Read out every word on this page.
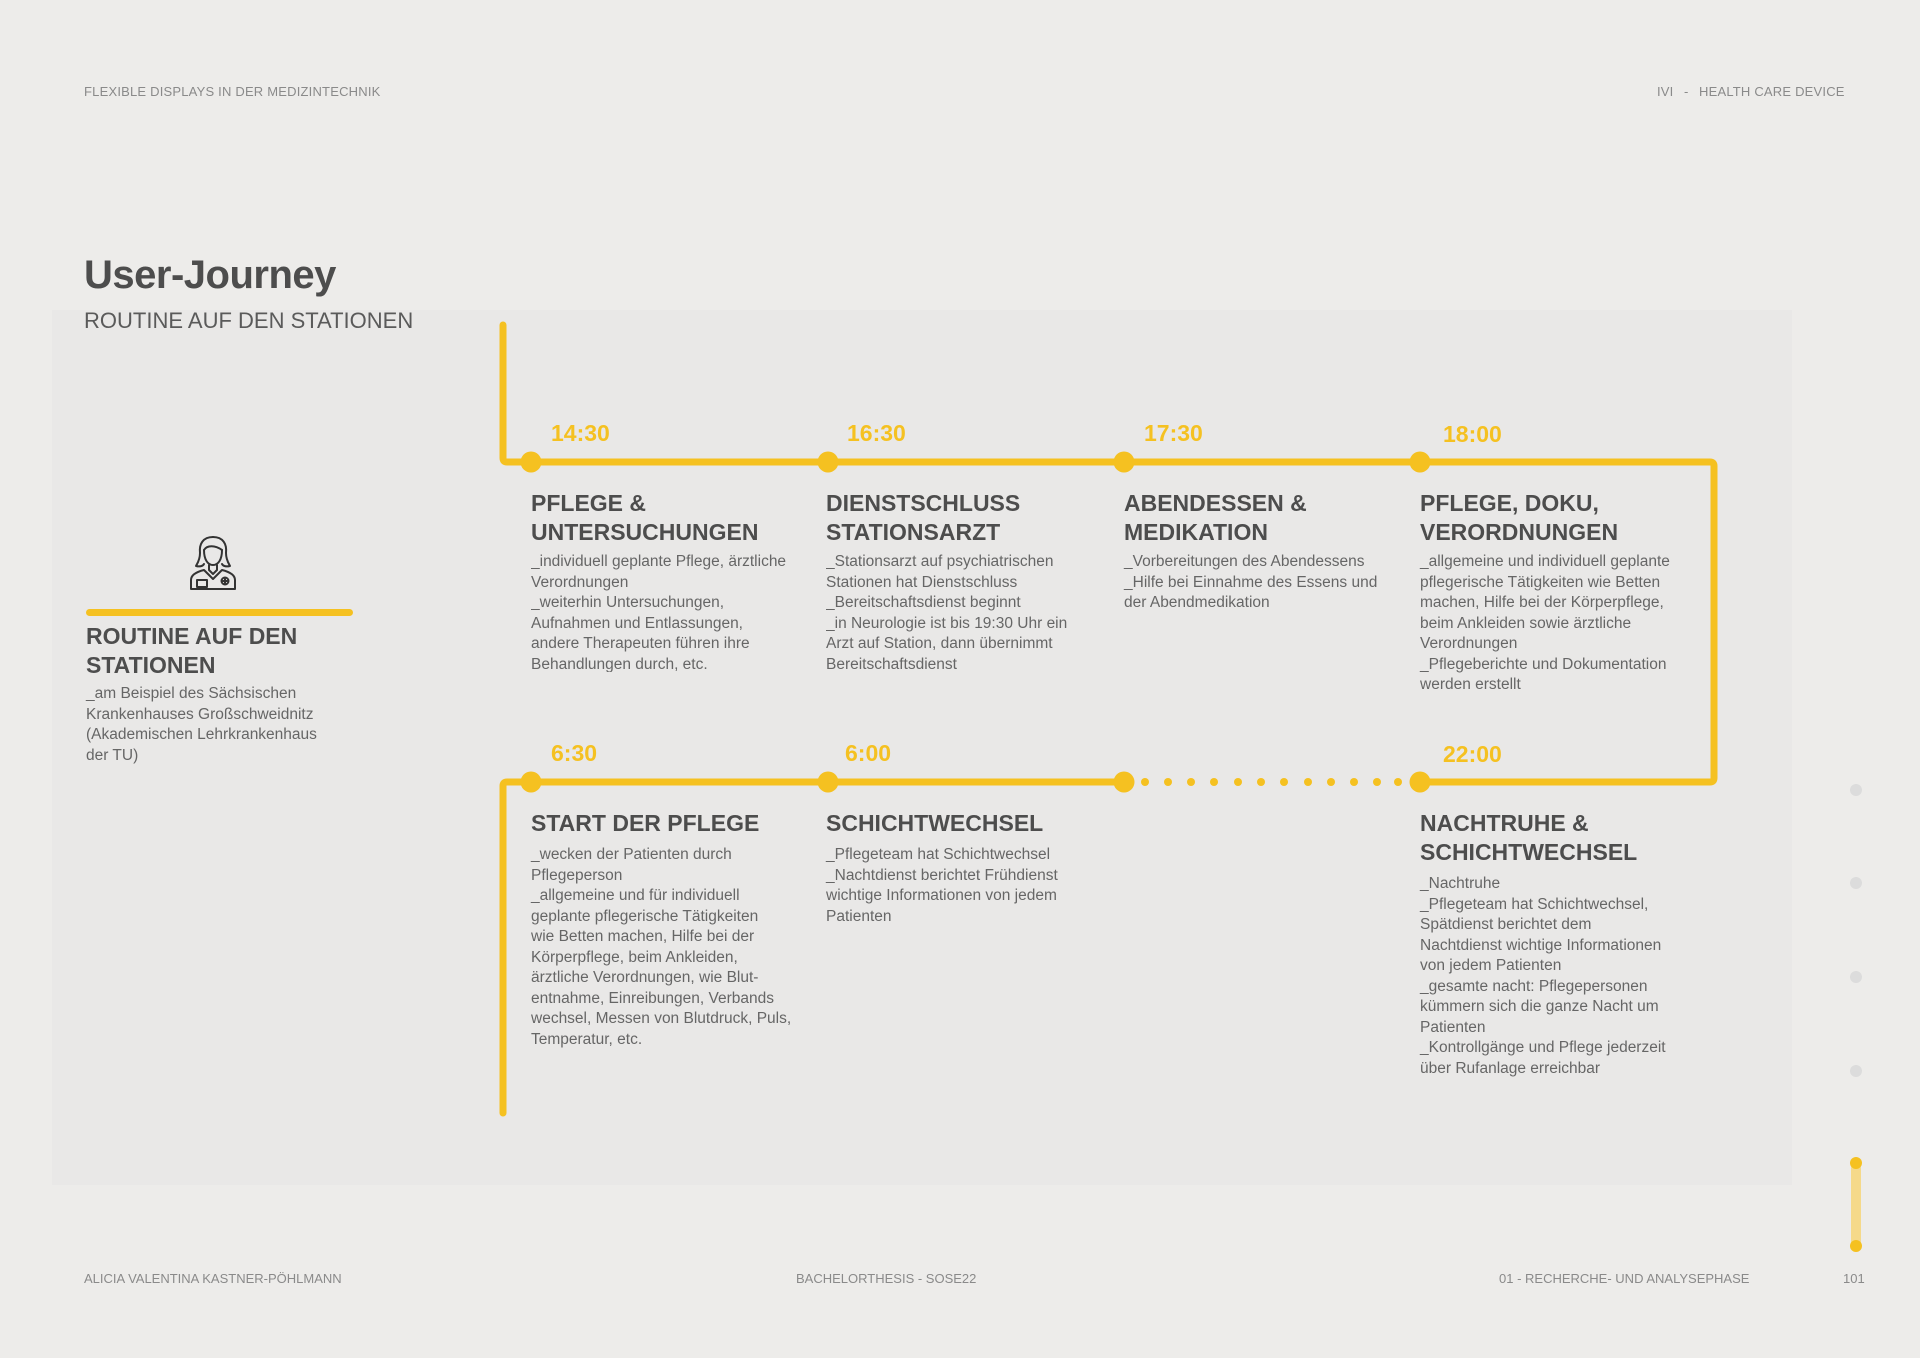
FLEXIBLE DISPLAYS IN DER MEDIZINTECHNIK	IVI - HEALTH CARE DEVICE
User-Journey
ROUTINE AUF DEN STATIONEN
ROUTINE AUF DEN STATIONEN
_am Beispiel des Sächsischen
Krankenhauses Großschweidnitz
(Akademischen Lehrkrankenhaus
der TU)
14:30
PFLEGE &
UNTERSUCHUNGEN
_individuell geplante Pflege, ärztliche
Verordnungen
_weiterhin Untersuchungen,
Aufnahmen und Entlassungen,
andere Therapeuten führen ihre
Behandlungen durch, etc.
16:30
DIENSTSCHLUSS
STATIONSARZT
_Stationsarzt auf psychiatrischen
Stationen hat Dienstschluss
_Bereitschaftsdienst beginnt
_in Neurologie ist bis 19:30 Uhr ein
Arzt auf Station, dann übernimmt
Bereitschaftsdienst
17:30
ABENDESSEN &
MEDIKATION
_Vorbereitungen des Abendessens
_Hilfe bei Einnahme des Essens und
der Abendmedikation
18:00
PFLEGE, DOKU,
VERORDNUNGEN
_allgemeine und individuell geplante
pflegerische Tätigkeiten wie Betten
machen, Hilfe bei der Körperpflege,
beim Ankleiden sowie ärztliche
Verordnungen
_Pflegeberichte und Dokumentation
werden erstellt
22:00
NACHTRUHE &
SCHICHTWECHSEL
_Nachtruhe
_Pflegeteam hat Schichtwechsel,
Spätdienst berichtet dem
Nachtdienst wichtige Informationen
von jedem Patienten
_gesamte nacht: Pflegepersonen
kümmern sich die ganze Nacht um
Patienten
_Kontrollgänge und Pflege jederzeit
über Rufanlage erreichbar
6:00
SCHICHTWECHSEL
_Pflegeteam hat Schichtwechsel
_Nachtdienst berichtet Frühdienst
wichtige Informationen von jedem
Patienten
6:30
START DER PFLEGE
_wecken der Patienten durch
Pflegeperson
_allgemeine und für individuell
geplante pflegerische Tätigkeiten
wie Betten machen, Hilfe bei der
Körperpflege, beim Ankleiden,
ärztliche Verordnungen, wie Blut-
entnahme, Einreibungen, Verbands
wechsel, Messen von Blutdruck, Puls,
Temperatur, etc.
ALICIA VALENTINA KASTNER-PÖHLMANN	BACHELORTHESIS - SOSE22	01 - RECHERCHE- UND ANALYSEPHASE	101
